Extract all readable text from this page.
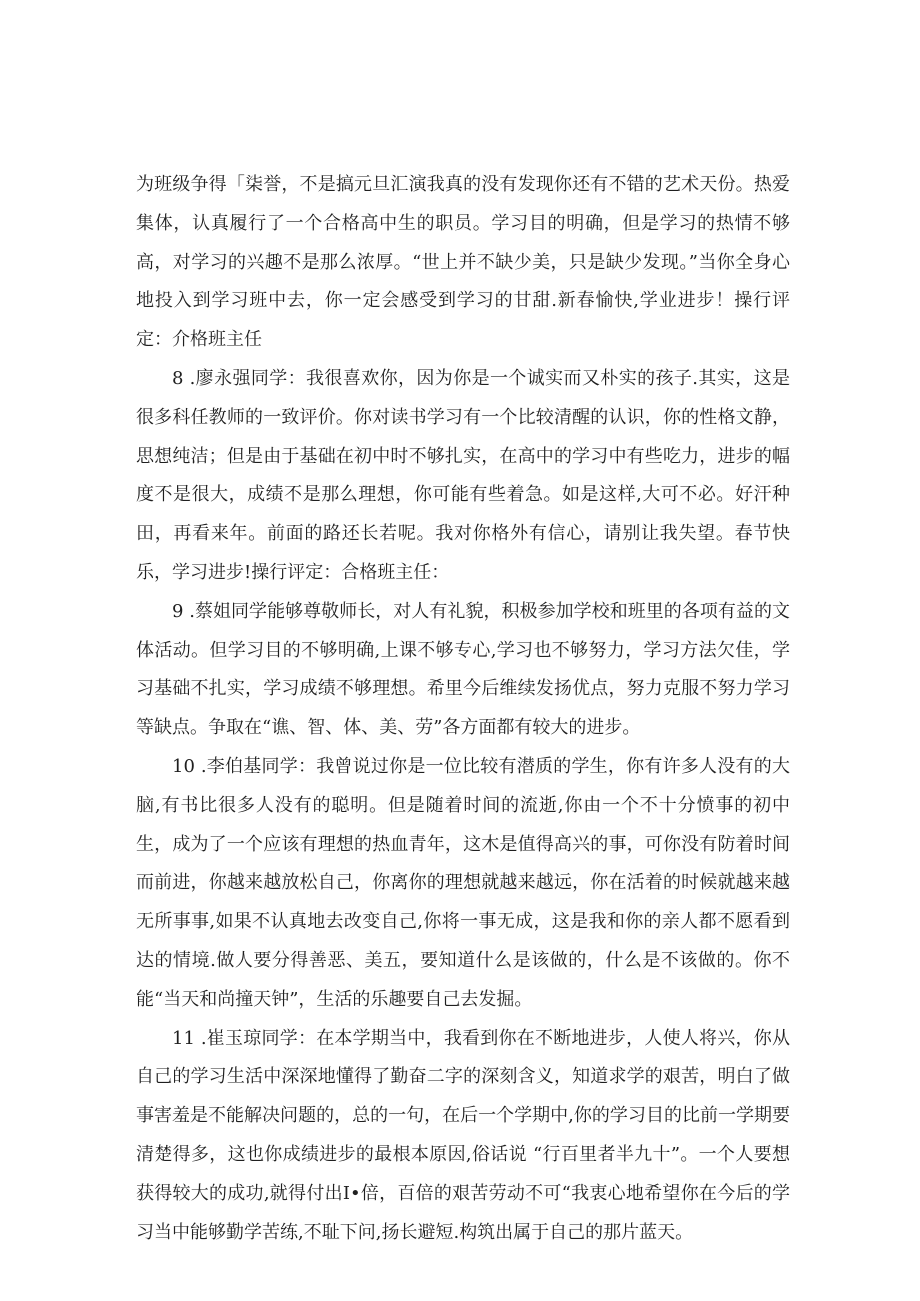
为班级争得「柒誉，不是搞元旦汇演我真的没有发现你还有不错的艺术天份。热爱集体，认真履行了一个合格高中生的职员。学习目的明确，但是学习的热情不够高，对学习的兴趣不是那么浓厚。“世上并不缺少美，只是缺少发现。”当你全身心地投入到学习班中去，你一定会感受到学习的甘甜.新春愉快,学业进步！操行评定：介格班主任

8 .廖永强同学：我很喜欢你，因为你是一个诚实而又朴实的孩子.其实，这是很多科任教师的一致评价。你对读书学习有一个比较清醒的认识，你的性格文静，思想纯洁；但是由于基础在初中时不够扎实，在高中的学习中有些吃力，进步的幅度不是很大，成绩不是那么理想，你可能有些着急。如是这样,大可不必。好汗种田，再看来年。前面的路还长若呢。我对你格外有信心，请别让我失望。春节快乐，学习进步!操行评定：合格班主任：

9 .蔡姐同学能够尊敬师长，对人有礼貌，积极参加学校和班里的各项有益的文体活动。但学习目的不够明确,上课不够专心,学习也不够努力，学习方法欠佳，学习基础不扎实，学习成绩不够理想。希里今后维续发扬优点，努力克服不努力学习等缺点。争取在“谯、智、体、美、劳”各方面都有较大的进步。

10 .李伯基同学：我曾说过你是一位比较有潜质的学生，你有许多人没有的大脑,有书比很多人没有的聪明。但是随着时间的流逝,你由一个不十分愤事的初中生，成为了一个应该有理想的热血青年，这木是值得高兴的事，可你没有防着时间而前进，你越来越放松自己，你离你的理想就越来越远，你在活着的时候就越来越无所事事,如果不认真地去改变自己,你将一事无成，这是我和你的亲人都不愿看到达的情境.做人要分得善恶、美五，要知道什么是该做的，什么是不该做的。你不能“当天和尚撞天钟”，生活的乐趣要自己去发掘。

11 .崔玉琼同学：在本学期当中，我看到你在不断地进步，人使人将兴，你从自己的学习生活中深深地懂得了勤奋二字的深刻含义，知道求学的艰苦，明白了做事害羞是不能解决问题的，总的一句，在后一个学期中,你的学习目的比前一学期要清楚得多，这也你成绩进步的最根本原因,俗话说 “行百里者半九十”。一个人要想获得较大的成功,就得付出I•倍，百倍的艰苦劳动不可“我衷心地希望你在今后的学习当中能够勤学苦练,不耻下问,扬长避短.构筑出属于自己的那片蓝天。
